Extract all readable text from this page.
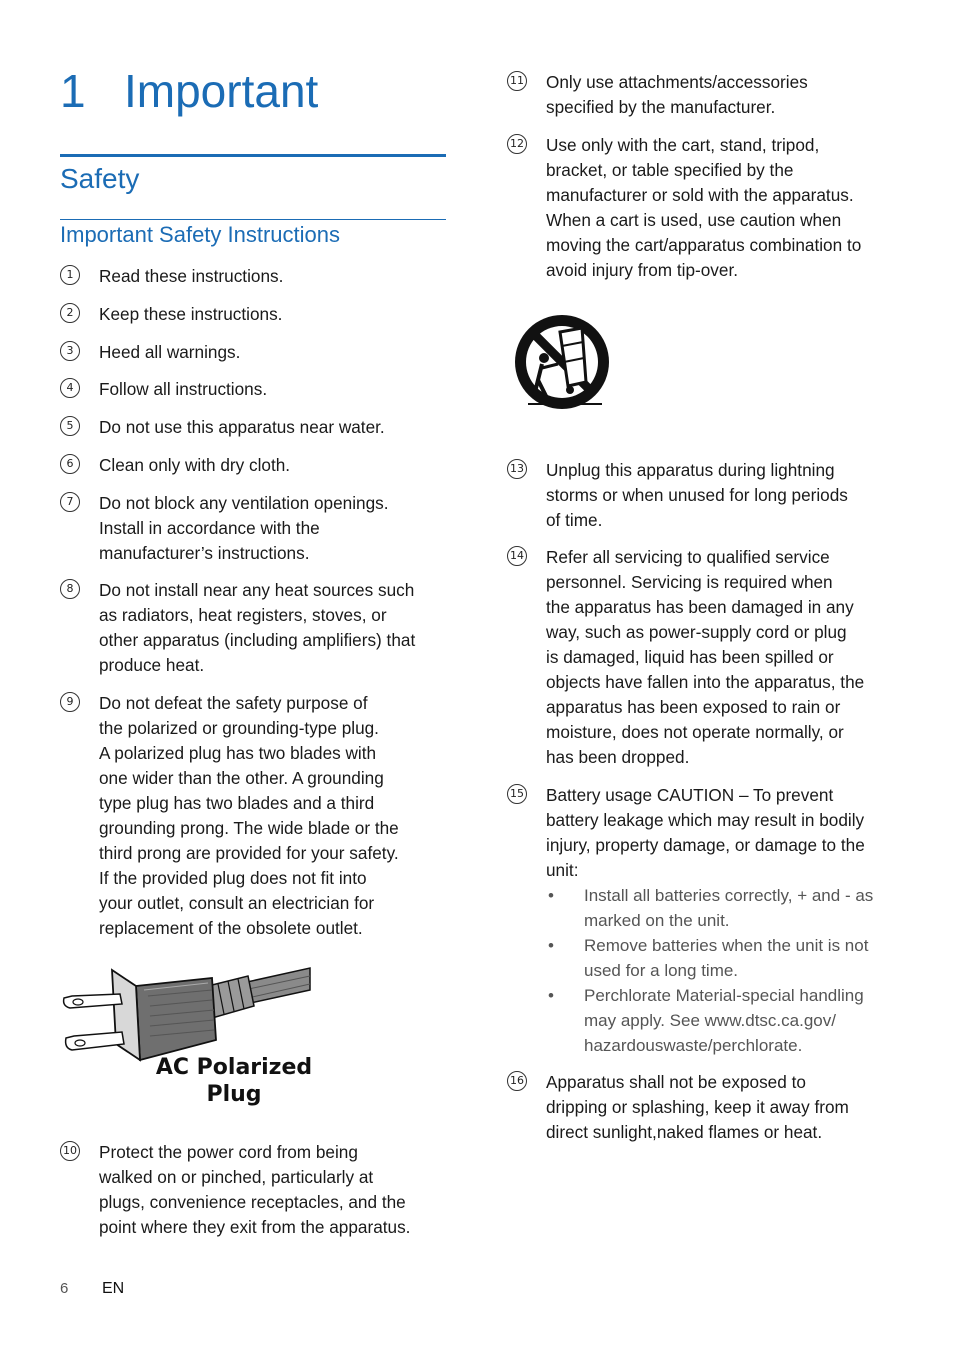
1 Important
Safety
Important Safety Instructions
1	Read these instructions.
2	Keep these instructions.
3	Heed all warnings.
4	Follow all instructions.
5	Do not use this apparatus near water.
6	Clean only with dry cloth.
7	Do not block any ventilation openings.
Install in accordance with the
manufacturer’s instructions.
8	Do not install near any heat sources such
as radiators, heat registers, stoves, or
other apparatus (including amplifiers) that
produce heat.
9	Do not defeat the safety purpose of
the polarized or grounding-type plug.
A polarized plug has two blades with
one wider than the other. A grounding
type plug has two blades and a third
grounding prong. The wide blade or the
third prong are provided for your safety.
If the provided plug does not fit into
your outlet, consult an electrician for
replacement of the obsolete outlet.
10 Protect the power cord from being
walked on or pinched, particularly at
plugs, convenience receptacles, and the
point where they exit from the apparatus.
11 Only use attachments/accessories
specified by the manufacturer.
12 Use only with the cart, stand, tripod,
bracket, or table specified by the
manufacturer or sold with the apparatus.
When a cart is used, use caution when
moving the cart/apparatus combination to
avoid injury from tip-over.
13 Unplug this apparatus during lightning
storms or when unused for long periods
of time.
14 Refer all servicing to qualified service
personnel. Servicing is required when
the apparatus has been damaged in any
way, such as power-supply cord or plug
is damaged, liquid has been spilled or
objects have fallen into the apparatus, the
apparatus has been exposed to rain or
moisture, does not operate normally, or
has been dropped.
15 Battery usage CAUTION – To prevent
battery leakage which may result in bodily
injury, property damage, or damage to the
unit:
• Install all batteries correctly, + and - as
marked on the unit.
• Remove batteries when the unit is not
used for a long time.
• Perchlorate Material-special handling
may apply. See www.dtsc.ca.gov/
hazardouswaste/perchlorate.
16 Apparatus shall not be exposed to
dripping or splashing, keep it away from
direct sunlight,naked flames or heat.
AC Polarized
Plug
6 EN
